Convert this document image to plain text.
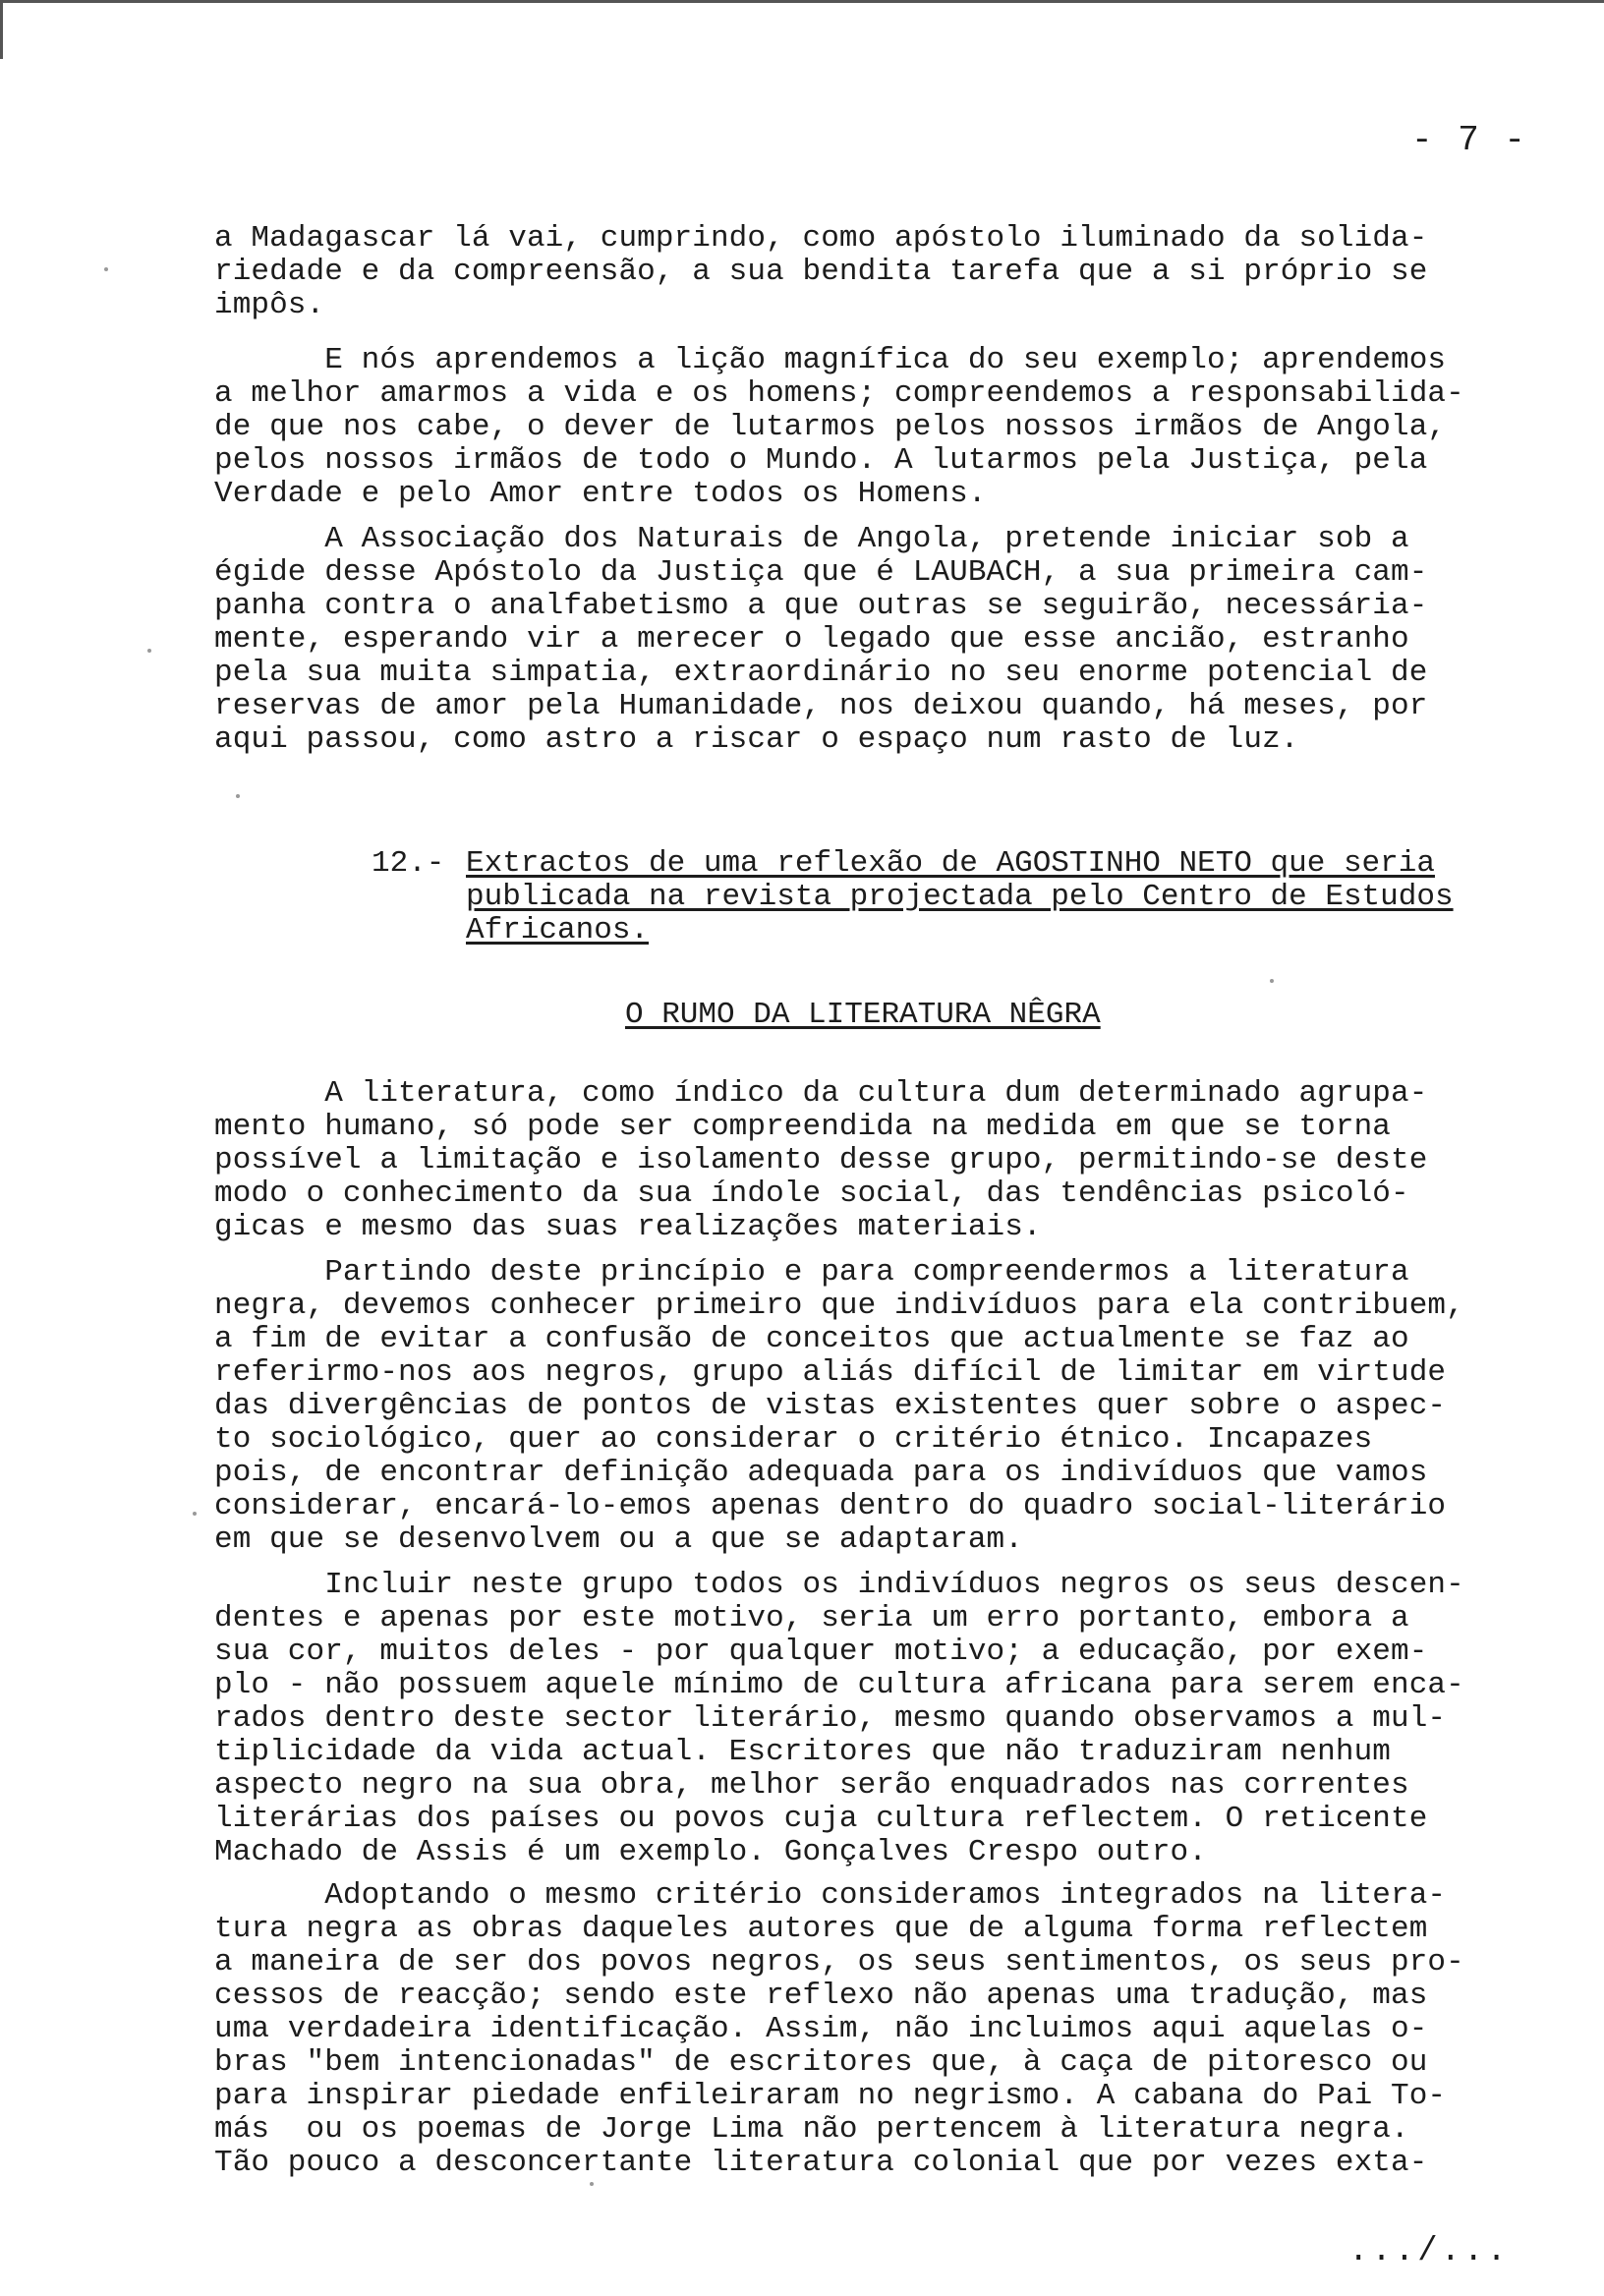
- 7 -

a Madagascar lá vai, cumprindo, como apóstolo iluminado da solida-
riedade e da compreensão, a sua bendita tarefa que a si próprio se
impôs.

E nós aprendemos a lição magnífica do seu exemplo; aprendemos
a melhor amarmos a vida e os homens; compreendemos a responsabilida-
de que nos cabe, o dever de lutarmos pelos nossos irmãos de Angola,
pelos nossos irmãos de todo o Mundo. A lutarmos pela Justiça, pela
Verdade e pelo Amor entre todos os Homens.

A Associação dos Naturais de Angola, pretende iniciar sob a
égide desse Apóstolo da Justiça que é LAUBACH, a sua primeira cam-
panha contra o analfabetismo a que outras se seguirão, necessária-
mente, esperando vir a merecer o legado que esse ancião, estranho
pela sua muita simpatia, extraordinário no seu enorme potencial de
reservas de amor pela Humanidade, nos deixou quando, há meses, por
aqui passou, como astro a riscar o espaço num rasto de luz.

12.-

Extractos de uma reflexão de AGOSTINHO NETO que seria
publicada na revista projectada pelo Centro de Estudos
Africanos.

O RUMO DA LITERATURA NÊGRA

A literatura, como índico da cultura dum determinado agrupa-
mento humano, só pode ser compreendida na medida em que se torna
possível a limitação e isolamento desse grupo, permitindo-se deste
modo o conhecimento da sua índole social, das tendências psicoló-
gicas e mesmo das suas realizações materiais.

Partindo deste princípio e para compreendermos a literatura
negra, devemos conhecer primeiro que indivíduos para ela contribuem,
a fim de evitar a confusão de conceitos que actualmente se faz ao
referirmo-nos aos negros, grupo aliás difícil de limitar em virtude
das divergências de pontos de vistas existentes quer sobre o aspec-
to sociológico, quer ao considerar o critério étnico. Incapazes
pois, de encontrar definição adequada para os indivíduos que vamos
considerar, encará-lo-emos apenas dentro do quadro social-literário
em que se desenvolvem ou a que se adaptaram.

Incluir neste grupo todos os indivíduos negros os seus descen-
dentes e apenas por este motivo, seria um erro portanto, embora a
sua cor, muitos deles - por qualquer motivo; a educação, por exem-
plo - não possuem aquele mínimo de cultura africana para serem enca-
rados dentro deste sector literário, mesmo quando observamos a mul-
tiplicidade da vida actual. Escritores que não traduziram nenhum
aspecto negro na sua obra, melhor serão enquadrados nas correntes
literárias dos países ou povos cuja cultura reflectem. O reticente
Machado de Assis é um exemplo. Gonçalves Crespo outro.

Adoptando o mesmo critério consideramos integrados na litera-
tura negra as obras daqueles autores que de alguma forma reflectem
a maneira de ser dos povos negros, os seus sentimentos, os seus pro-
cessos de reacção; sendo este reflexo não apenas uma tradução, mas
uma verdadeira identificação. Assim, não incluimos aqui aquelas o-
bras "bem intencionadas" de escritores que, à caça de pitoresco ou
para inspirar piedade enfileiraram no negrismo. A cabana do Pai To-
más  ou os poemas de Jorge Lima não pertencem à literatura negra.
Tão pouco a desconcertante literatura colonial que por vezes exta-

.../...
